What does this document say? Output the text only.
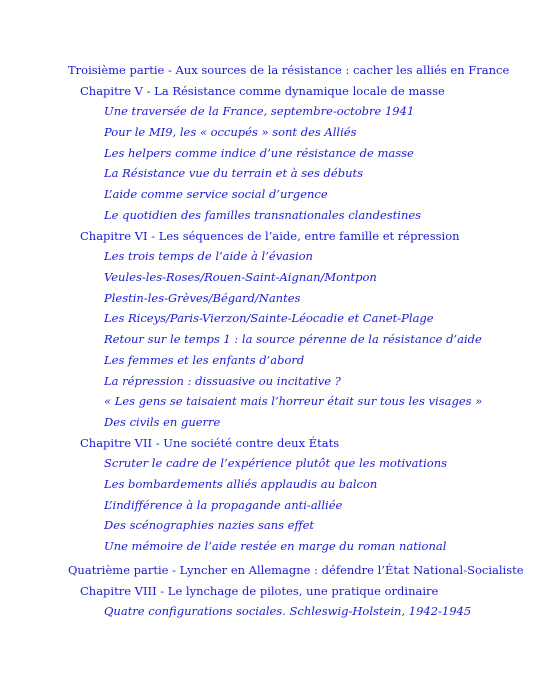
Troisième partie - Aux sources de la résistance : cacher les alliés en France
Chapitre V - La Résistance comme dynamique locale de masse
Une traversée de la France, septembre-octobre 1941
Pour le MI9, les « occupés » sont des Alliés
Les helpers comme indice d’une résistance de masse
La Résistance vue du terrain et à ses débuts
L’aide comme service social d’urgence
Le quotidien des familles transnationales clandestines
Chapitre VI - Les séquences de l’aide, entre famille et répression
Les trois temps de l’aide à l’évasion
Veules-les-Roses/Rouen-Saint-Aignan/Montpon
Plestin-les-Grèves/Bégard/Nantes
Les Riceys/Paris-Vierzon/Sainte-Léocadie et Canet-Plage
Retour sur le temps 1 : la source pérenne de la résistance d’aide
Les femmes et les enfants d’abord
La répression : dissuasive ou incitative ?
« Les gens se taisaient mais l’horreur était sur tous les visages »
Des civils en guerre
Chapitre VII - Une société contre deux États
Scruter le cadre de l’expérience plutôt que les motivations
Les bombardements alliés applaudis au balcon
L’indifférence à la propagande anti-alliée
Des scénographies nazies sans effet
Une mémoire de l’aide restée en marge du roman national
Quatrième partie - Lyncher en Allemagne : défendre l’État National-Socialiste
Chapitre VIII - Le lynchage de pilotes, une pratique ordinaire
Quatre configurations sociales. Schleswig-Holstein, 1942-1945
